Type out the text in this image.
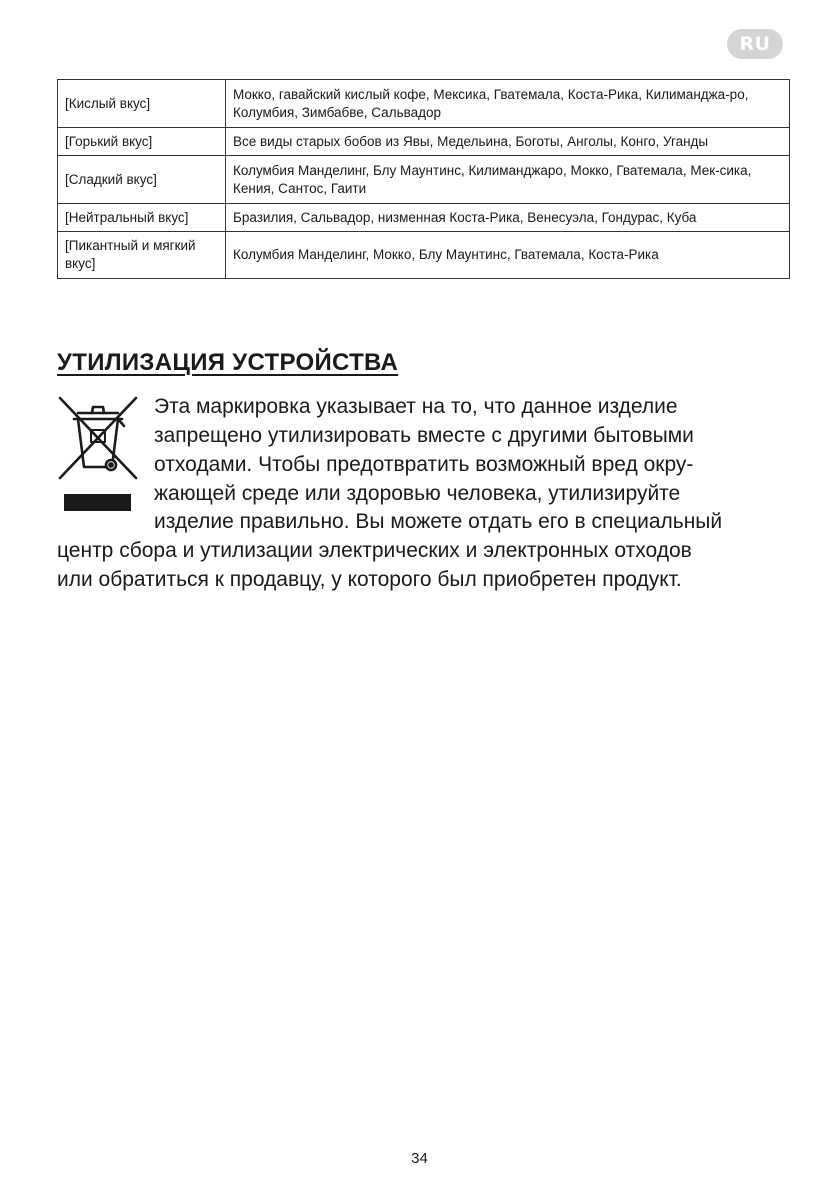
RU
[Кислый вкус]	Мокко, гавайский кислый кофе, Мексика, Гватемала, Коста-Рика, Килиманджа-ро, Колумбия, Зимбабве, Сальвадор
[Горький вкус]	Все виды старых бобов из Явы, Медельина, Боготы, Анголы, Конго, Уганды
[Сладкий вкус]	Колумбия Манделинг, Блу Маунтинс, Килиманджаро, Мокко, Гватемала, Мек-сика, Кения, Сантос, Гаити
[Нейтральный вкус]	Бразилия, Сальвадор, низменная Коста-Рика, Венесуэла, Гондурас, Куба
[Пикантный и мягкий вкус]	Колумбия Манделинг, Мокко, Блу Маунтинс, Гватемала, Коста-Рика
УТИЛИЗАЦИЯ УСТРОЙСТВА
Эта маркировка указывает на то, что данное изделие
запрещено утилизировать вместе с другими бытовыми
отходами. Чтобы предотвратить возможный вред окру-
жающей среде или здоровью человека, утилизируйте
изделие правильно. Вы можете отдать его в специальный
центр сбора и утилизации электрических и электронных отходов
или обратиться к продавцу, у которого был приобретен продукт.
34
